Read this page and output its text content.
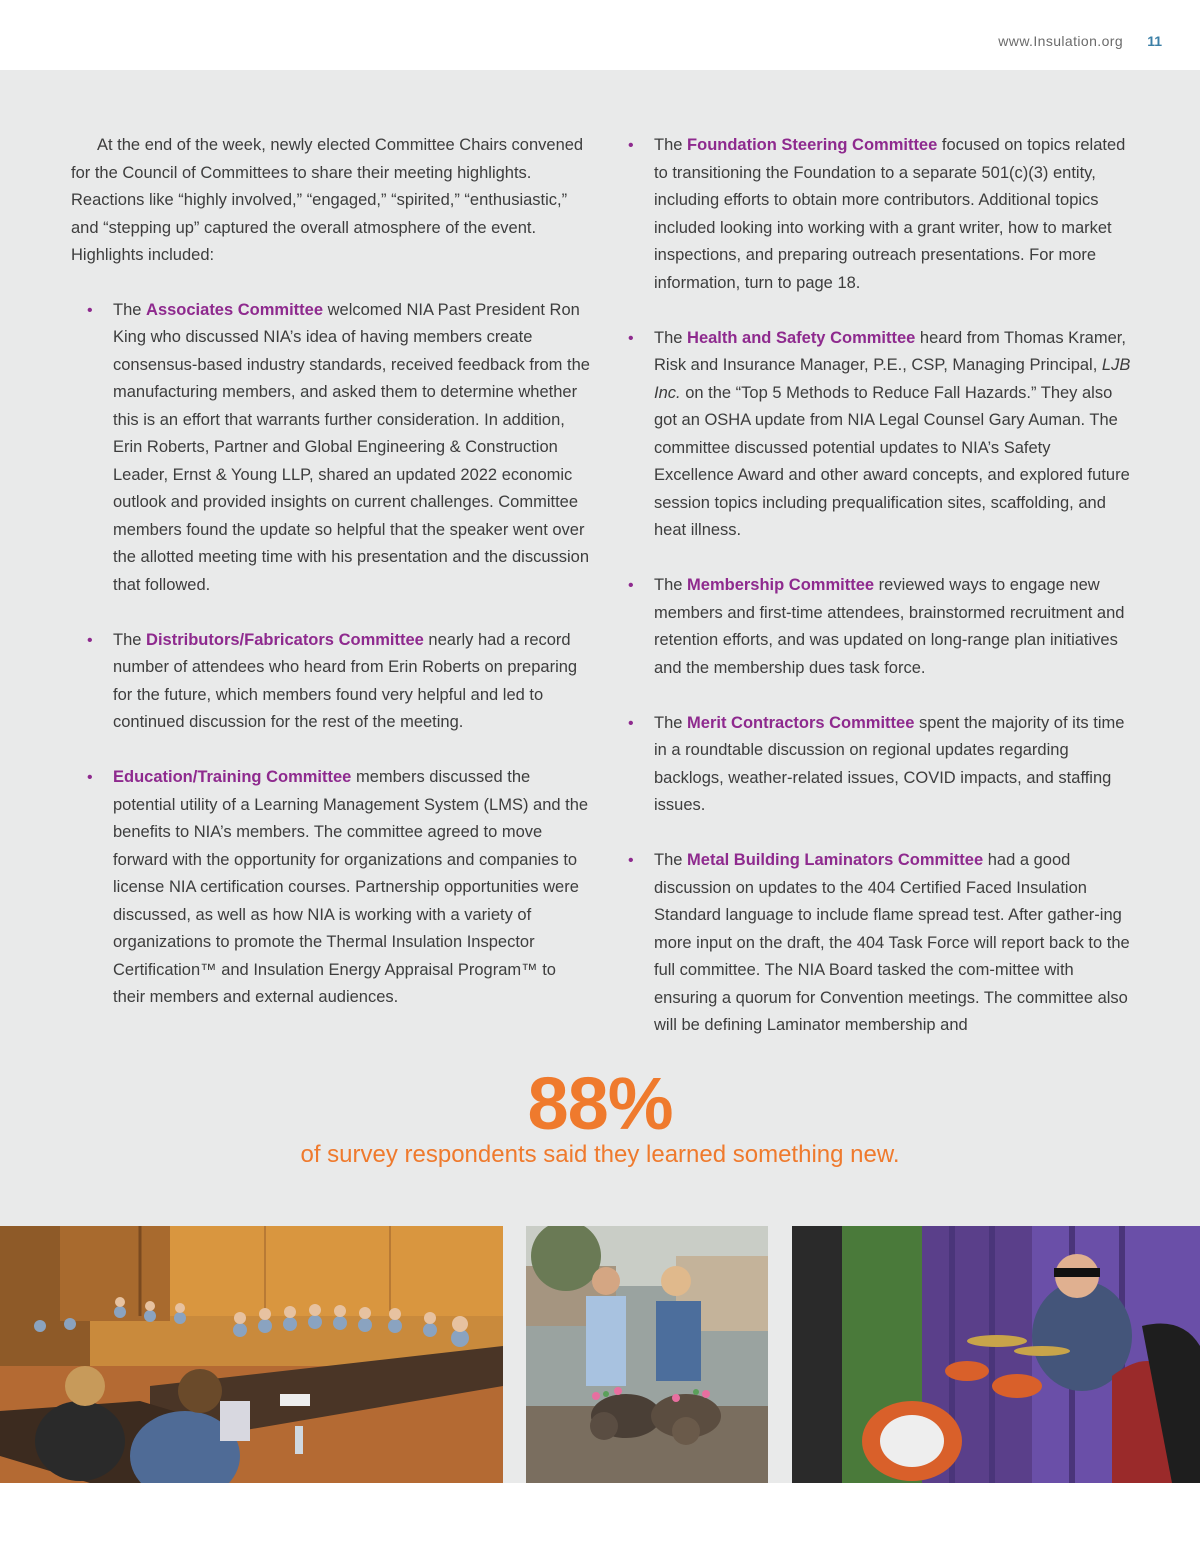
www.Insulation.org 11

At the end of the week, newly elected Committee Chairs convened for the Council of Committees to share their meeting highlights. Reactions like “highly involved,” “engaged,” “spirited,” “enthusiastic,” and “stepping up” captured the overall atmosphere of the event. Highlights included:

• The Associates Committee welcomed NIA Past President Ron King who discussed NIA’s idea of having members create consensus-based industry standards, received feedback from the manufacturing members, and asked them to determine whether this is an effort that warrants further consideration. In addition, Erin Roberts, Partner and Global Engineering & Construction Leader, Ernst & Young LLP, shared an updated 2022 economic outlook and provided insights on current challenges. Committee members found the update so helpful that the speaker went over the allotted meeting time with his presentation and the discussion that followed.
• The Distributors/Fabricators Committee nearly had a record number of attendees who heard from Erin Roberts on preparing for the future, which members found very helpful and led to continued discussion for the rest of the meeting.
• Education/Training Committee members discussed the potential utility of a Learning Management System (LMS) and the benefits to NIA’s members. The committee agreed to move forward with the opportunity for organizations and companies to license NIA certification courses. Partnership opportunities were discussed, as well as how NIA is working with a variety of organizations to promote the Thermal Insulation Inspector Certification™ and Insulation Energy Appraisal Program™ to their members and external audiences.
• The Foundation Steering Committee focused on topics related to transitioning the Foundation to a separate 501(c)(3) entity, including efforts to obtain more contributors. Additional topics included looking into working with a grant writer, how to market inspections, and preparing outreach presentations. For more information, turn to page 18.
• The Health and Safety Committee heard from Thomas Kramer, Risk and Insurance Manager, P.E., CSP, Managing Principal, LJB Inc. on the “Top 5 Methods to Reduce Fall Hazards.” They also got an OSHA update from NIA Legal Counsel Gary Auman. The committee discussed potential updates to NIA’s Safety Excellence Award and other award concepts, and explored future session topics including prequalification sites, scaffolding, and heat illness.
• The Membership Committee reviewed ways to engage new members and first-time attendees, brainstormed recruitment and retention efforts, and was updated on long-range plan initiatives and the membership dues task force.
• The Merit Contractors Committee spent the majority of its time in a roundtable discussion on regional updates regarding backlogs, weather-related issues, COVID impacts, and staffing issues.
• The Metal Building Laminators Committee had a good discussion on updates to the 404 Certified Faced Insulation Standard language to include flame spread test. After gather-ing more input on the draft, the 404 Task Force will report back to the full committee. The NIA Board tasked the com-mittee with ensuring a quorum for Convention meetings. The committee also will be defining Laminator membership and
88%
of survey respondents said they learned something new.
